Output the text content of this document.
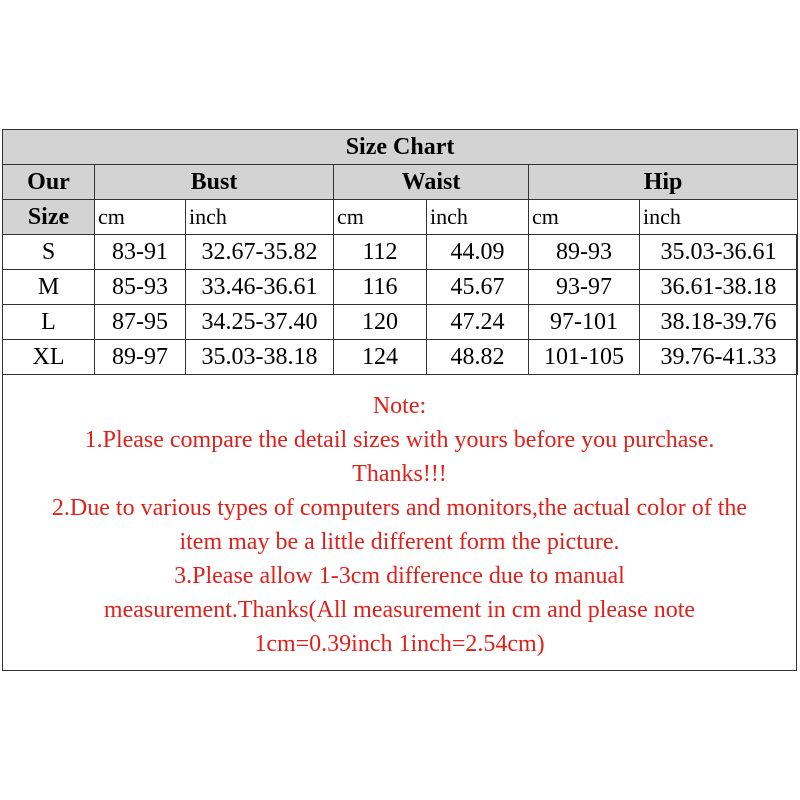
Size Chart						
Our	Bust		Waist		Hip	
Size	cm	inch	cm	inch	cm	inch
S	83-91	32.67-35.82	112	44.09	89-93	35.03-36.61
M	85-93	33.46-36.61	116	45.67	93-97	36.61-38.18
L	87-95	34.25-37.40	120	47.24	97-101	38.18-39.76
XL	89-97	35.03-38.18	124	48.82	101-105	39.76-41.33
Note:
1.Please compare the detail sizes with yours before you purchase.
Thanks!!!
2.Due to various types of computers and monitors,the actual color of the
item may be a little different form the picture.
3.Please allow 1-3cm difference due to manual
measurement.Thanks(All measurement in cm and please note
1cm=0.39inch 1inch=2.54cm)
